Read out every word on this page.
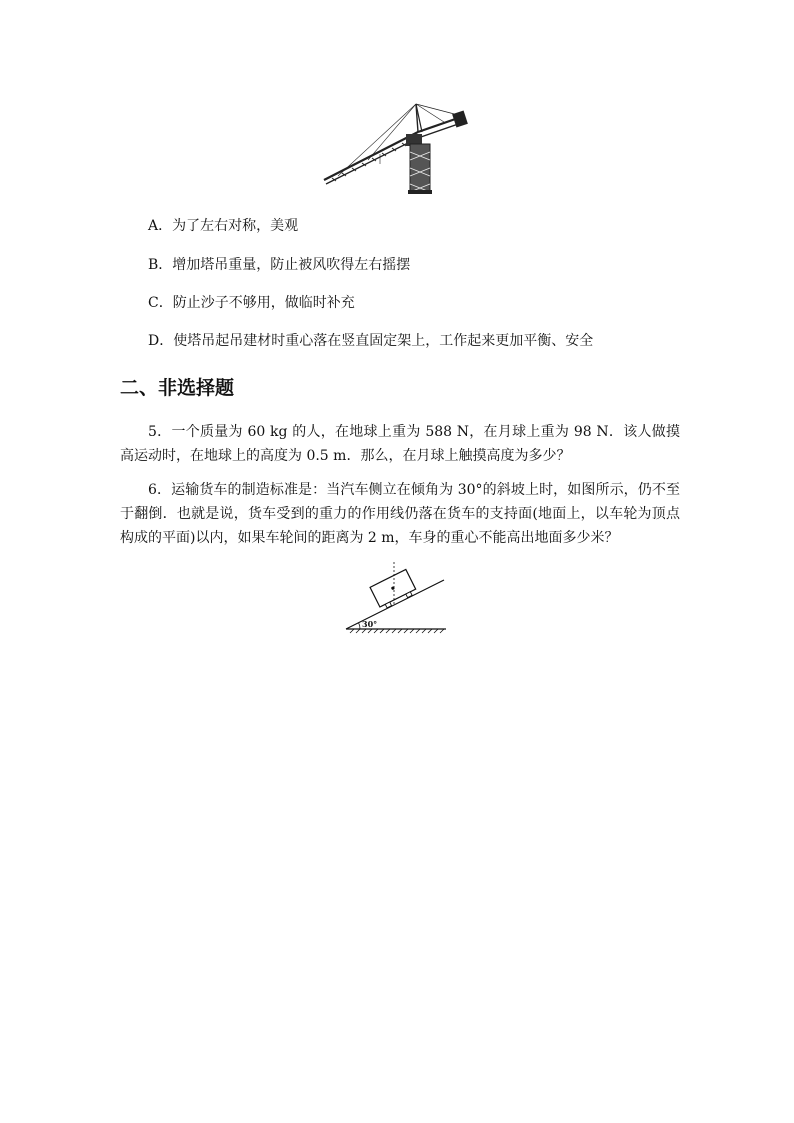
A．为了左右对称，美观
B．增加塔吊重量，防止被风吹得左右摇摆
C．防止沙子不够用，做临时补充
D．使塔吊起吊建材时重心落在竖直固定架上，工作起来更加平衡、安全
二、非选择题
5．一个质量为 60 kg 的人，在地球上重为 588 N，在月球上重为 98 N．该人做摸高运动时，在地球上的高度为 0.5 m．那么，在月球上触摸高度为多少？
6．运输货车的制造标准是：当汽车侧立在倾角为 30°的斜坡上时，如图所示，仍不至于翻倒．也就是说，货车受到的重力的作用线仍落在货车的支持面(地面上，以车轮为顶点构成的平面)以内，如果车轮间的距离为 2 m，车身的重心不能高出地面多少米？
30°
